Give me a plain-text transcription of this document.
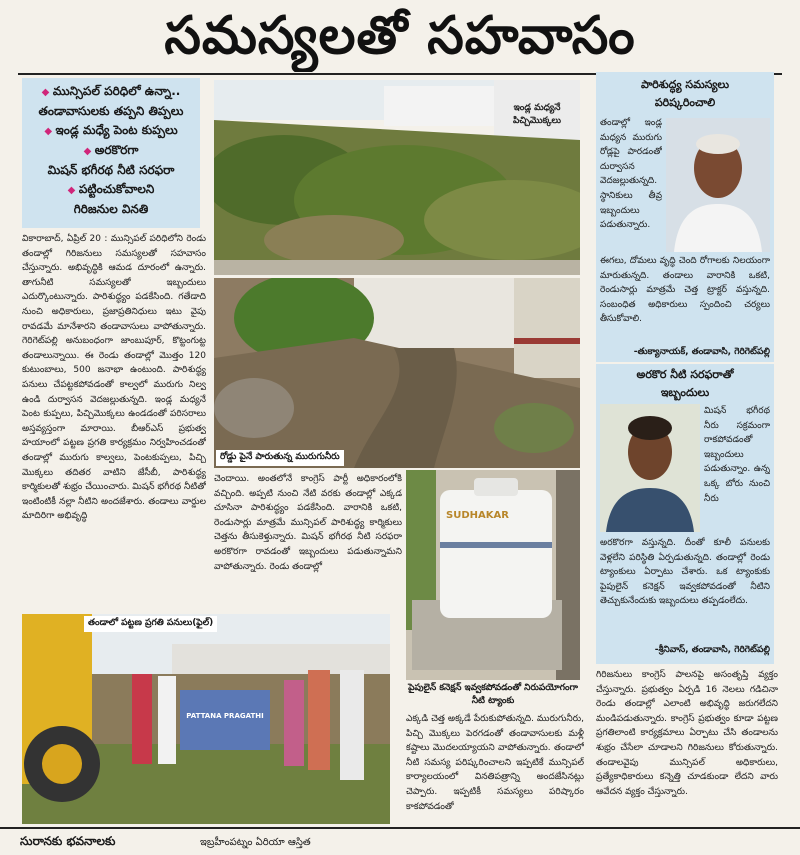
సమస్యలతో సహవాసం
◆ మున్సిపల్ పరిధిలో ఉన్నా..
తండావాసులకు తప్పని తిప్పలు
◆ ఇండ్ల మధ్యే పెంట కుప్పలు
◆ అరకొరగా
మిషన్ భగీరథ నీటి సరఫరా
◆ పట్టించుకోవాలని
గిరిజనుల వినతి
వికారాబాద్, ఏప్రిల్ 20 : మున్సిపల్ పరిధిలోని రెండు తండాల్లో గిరిజనులు సమస్యలతో సహవాసం చేస్తున్నారు. అభివృద్ధికి ఆమడ దూరంలో ఉన్నారు. తాగునీటి సమస్యలతో ఇబ్బందులు ఎదుర్కొంటున్నారు. పారిశుద్ధ్యం పడకేసింది. గతేడాది నుంచి అధికారులు, ప్రజాప్రతినిధులు ఇటు వైపు రావడమే మానేశారని తండావాసులు వాపోతున్నారు. గెరిగెట్‌పల్లి అనుబంధంగా జాంబుపూర్, కొట్టంగుట్ట తండాలున్నాయి. ఈ రెండు తండాల్లో మొత్తం 120 కుటుంబాలు, 500 జనాభా ఉంటుంది. పారిశుద్ధ్య పనులు చేపట్టకపోవడంతో కాల్వలో మురుగు నిల్వ ఉండి దుర్వాసన వెదజల్లుతున్నది. ఇండ్ల మధ్యనే పెంట కుప్పలు, పిచ్చిమొక్కలు ఉండడంతో పరిసరాలు అస్తవ్యస్తంగా మారాయి. బీఆర్ఎస్ ప్రభుత్వ హయాంలో పట్టణ ప్రగతి కార్యక్రమం నిర్వహించడంతో తండాల్లో మురుగు కాల్వలు, పెంటకుప్పలు, పిచ్చి మొక్కలు తదితర వాటిని జేసీబీ, పారిశుద్ధ్య కార్మికులతో శుభ్రం చేయించారు. మిషన్ భగీరథ నీటితో ఇంటింటికీ నల్లా నీటిని అందజేశారు. తండాలు వార్డుల మాదిరిగా అభివృద్ధి
ఇండ్ల మధ్యనే పిచ్చిమొక్కలు
రోడ్డు పైనే పారుతున్న మురుగునీరు
చెందాయి. అంతలోనే కాంగ్రెస్ పార్టీ అధికారంలోకి వచ్చింది. అప్పటి నుంచి నేటి వరకు తండాల్లో ఎక్కడ చూసినా పారిశుద్ధ్యం పడకేసింది. వారానికి ఒకటి, రెండుసార్లు మాత్రమే మున్సిపల్ పారిశుద్ధ్య కార్మికులు చెత్తను తీసుకెళ్తున్నారు. మిషన్ భగీరథ నీటి సరఫరా అరకొరగా రావడంతో ఇబ్బందులు పడుతున్నామని వాపోతున్నారు. రెండు తండాల్లో
SUDHAKAR
పైపులైన్ కనెక్షన్ ఇవ్వకపోవడంతో నిరుపయోగంగా నీటి ట్యాంకు
తండాలో పట్టణ ప్రగతి పనులు(ఫైల్)
PATTANA PRAGATHI	ఎక్కడి చెత్త అక్కడే పేరుకుపోతున్నది. మురుగునీరు, పిచ్చి మొక్కలు పెరగడంతో తండావాసులకు మళ్లీ కష్టాలు మొదలయ్యాయని వాపోతున్నారు. తండాలో నీటి సమస్య పరిష్కరించాలని ఇప్పటికే మున్సిపల్ కార్యాలయంలో వినతిపత్రాన్ని అందజేసినట్లు చెప్పారు. ఇప్పటికీ సమస్యలు పరిష్కారం కాకపోవడంతో
పారిశుద్ధ్య సమస్యలు
పరిష్కరించాలి
తండాల్లో ఇండ్ల మధ్యన మురుగు రోడ్లపై పారడంతో దుర్వాసన వెదజల్లుతున్నది. స్థానికులు తీవ్ర ఇబ్బందులు పడుతున్నారు.
ఈగలు, దోమలు వృద్ధి చెంది రోగాలకు నిలయంగా మారుతున్నది. తండాలు వారానికి ఒకటి, రెండుసార్లు మాత్రమే చెత్త ట్రాక్టర్ వస్తున్నది. సంబంధిత అధికారులు స్పందించి చర్యలు తీసుకోవాలి.
-తుక్యానాయక్, తండావాసి, గెరిగెట్‌పల్లి
అరకొర నీటి సరఫరాతో
ఇబ్బందులు
మిషన్ భగీరథ నీరు సక్రమంగా రాకపోవడంతో ఇబ్బందులు పడుతున్నాం. ఉన్న ఒక్క బోరు నుంచి నీరు
అరకొరగా వస్తున్నది. దీంతో కూలీ పనులకు వెళ్లలేని పరిస్థితి ఏర్పడుతున్నది. తండాల్లో రెండు ట్యాంకులు ఏర్పాటు చేశారు. ఒక ట్యాంకుకు పైపులైన్ కనెక్షన్ ఇవ్వకపోవడంతో నీటిని తెచ్చుకునేందుకు ఇబ్బందులు తప్పడంలేదు.
-శ్రీనివాస్, తండావాసి, గెరిగెట్‌పల్లి
గిరిజనులు కాంగ్రెస్ పాలనపై అసంతృప్తి వ్యక్తం చేస్తున్నారు. ప్రభుత్వం ఏర్పడి 16 నెలలు గడిచినా రెండు తండాల్లో ఎలాంటి అభివృద్ధి జరుగలేదని మండిపడుతున్నారు. కాంగ్రెస్ ప్రభుత్వం కూడా పట్టణ ప్రగతిలాంటి కార్యక్రమాలు ఏర్పాటు చేసి తండాలను శుభ్రం చేసేలా చూడాలని గిరిజనులు కోరుతున్నారు. తండాలవైపు మున్సిపల్ అధికారులు, ప్రత్యేకాధికారులు కన్నెత్తి చూడకుండా లేదని వారు ఆవేదన వ్యక్తం చేస్తున్నారు.
సురానకు భవనాలకు	ఇబ్రహీంపట్నం ఏరియా ఆస్తిత
